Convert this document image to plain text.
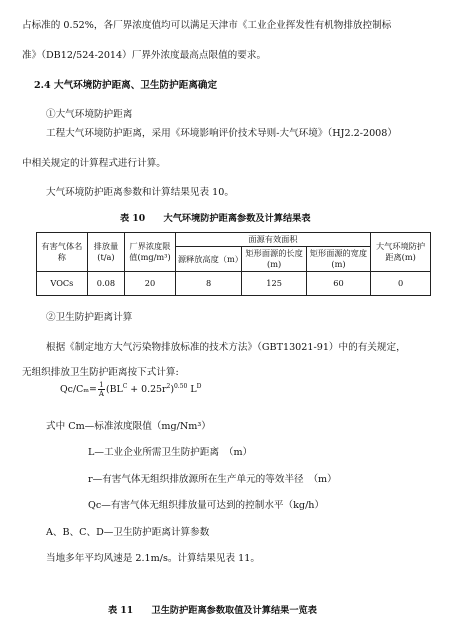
占标准的 0.52%，各厂界浓度值均可以满足天津市《工业企业挥发性有机物排放控制标
准》（DB12/524-2014）厂界外浓度最高点限值的要求。
2.4 大气环境防护距离、卫生防护距离确定
①大气环境防护距离
工程大气环境防护距离，采用《环境影响评价技术导则-大气环境》（HJ2.2-2008）
中相关规定的计算程式进行计算。
大气环境防护距离参数和计算结果见表 10。
表 10　　大气环境防护距离参数及计算结果表
有害气体名称	排放量(t/a)	厂界浓度限值(mg/m³)	面源有效面积			大气环境防护距离(m)
			源释放高度（m）	矩形面源的长度(m)	矩形面源的宽度(m)	
VOCs	0.08	20	8	125	60	0
②卫生防护距离计算
根据《制定地方大气污染物排放标准的技术方法》（GBT13021-91）中的有关规定，
无组织排放卫生防护距离按下式计算:
$Qc/C_m= \frac{1}{A} (BL^C + 0.25r^2)^{0.50}$ $L^D$
式中 Cm—标准浓度限值（mg/Nm³）
L—工业企业所需卫生防护距离　（m）
r—有害气体无组织排放源所在生产单元的等效半径　（m）
Qc—有害气体无组织排放量可达到的控制水平（kg/h）
A、B、C、D—卫生防护距离计算参数
当地多年平均风速是 2.1m/s。计算结果见表 11。
表 11　　卫生防护距离参数取值及计算结果一览表
